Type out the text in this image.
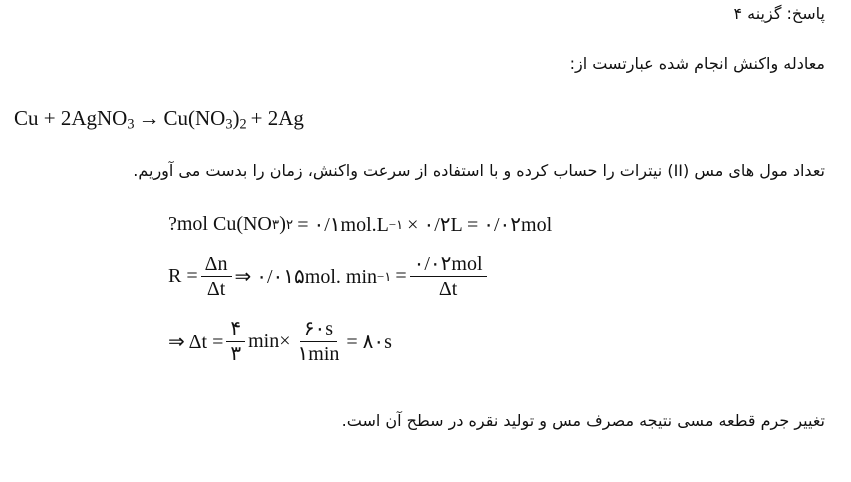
پاسخ: گزینه ۴
معادله واکنش انجام شده عبارتست از:
Cu + 2AgNO$_3$ → $Cu(NO_3)_2 + 2Ag$
تعداد مول های مس (II) نیترات را حساب کرده و با استفاده از سرعت واکنش، زمان را بدست می آوریم.
?mol Cu(NO ۳ ) ۲ = ۰/۱mol.L −۱ × ۰/۲L = ۰/۰۲mol
$R = \frac{\Delta n}{\Delta t}$ ⇒ ۰/۰۱۵mol. min −۱ = $\frac{\text{۰/۰۲mol}}{\Delta t}$
⇒ $\Delta t = \frac{۴}{۳} \min\times \frac{۶۰s}{۱\min}$ = ۸۰s
تغییر جرم قطعه مسی نتیجه مصرف مس و تولید نقره در سطح آن است.
